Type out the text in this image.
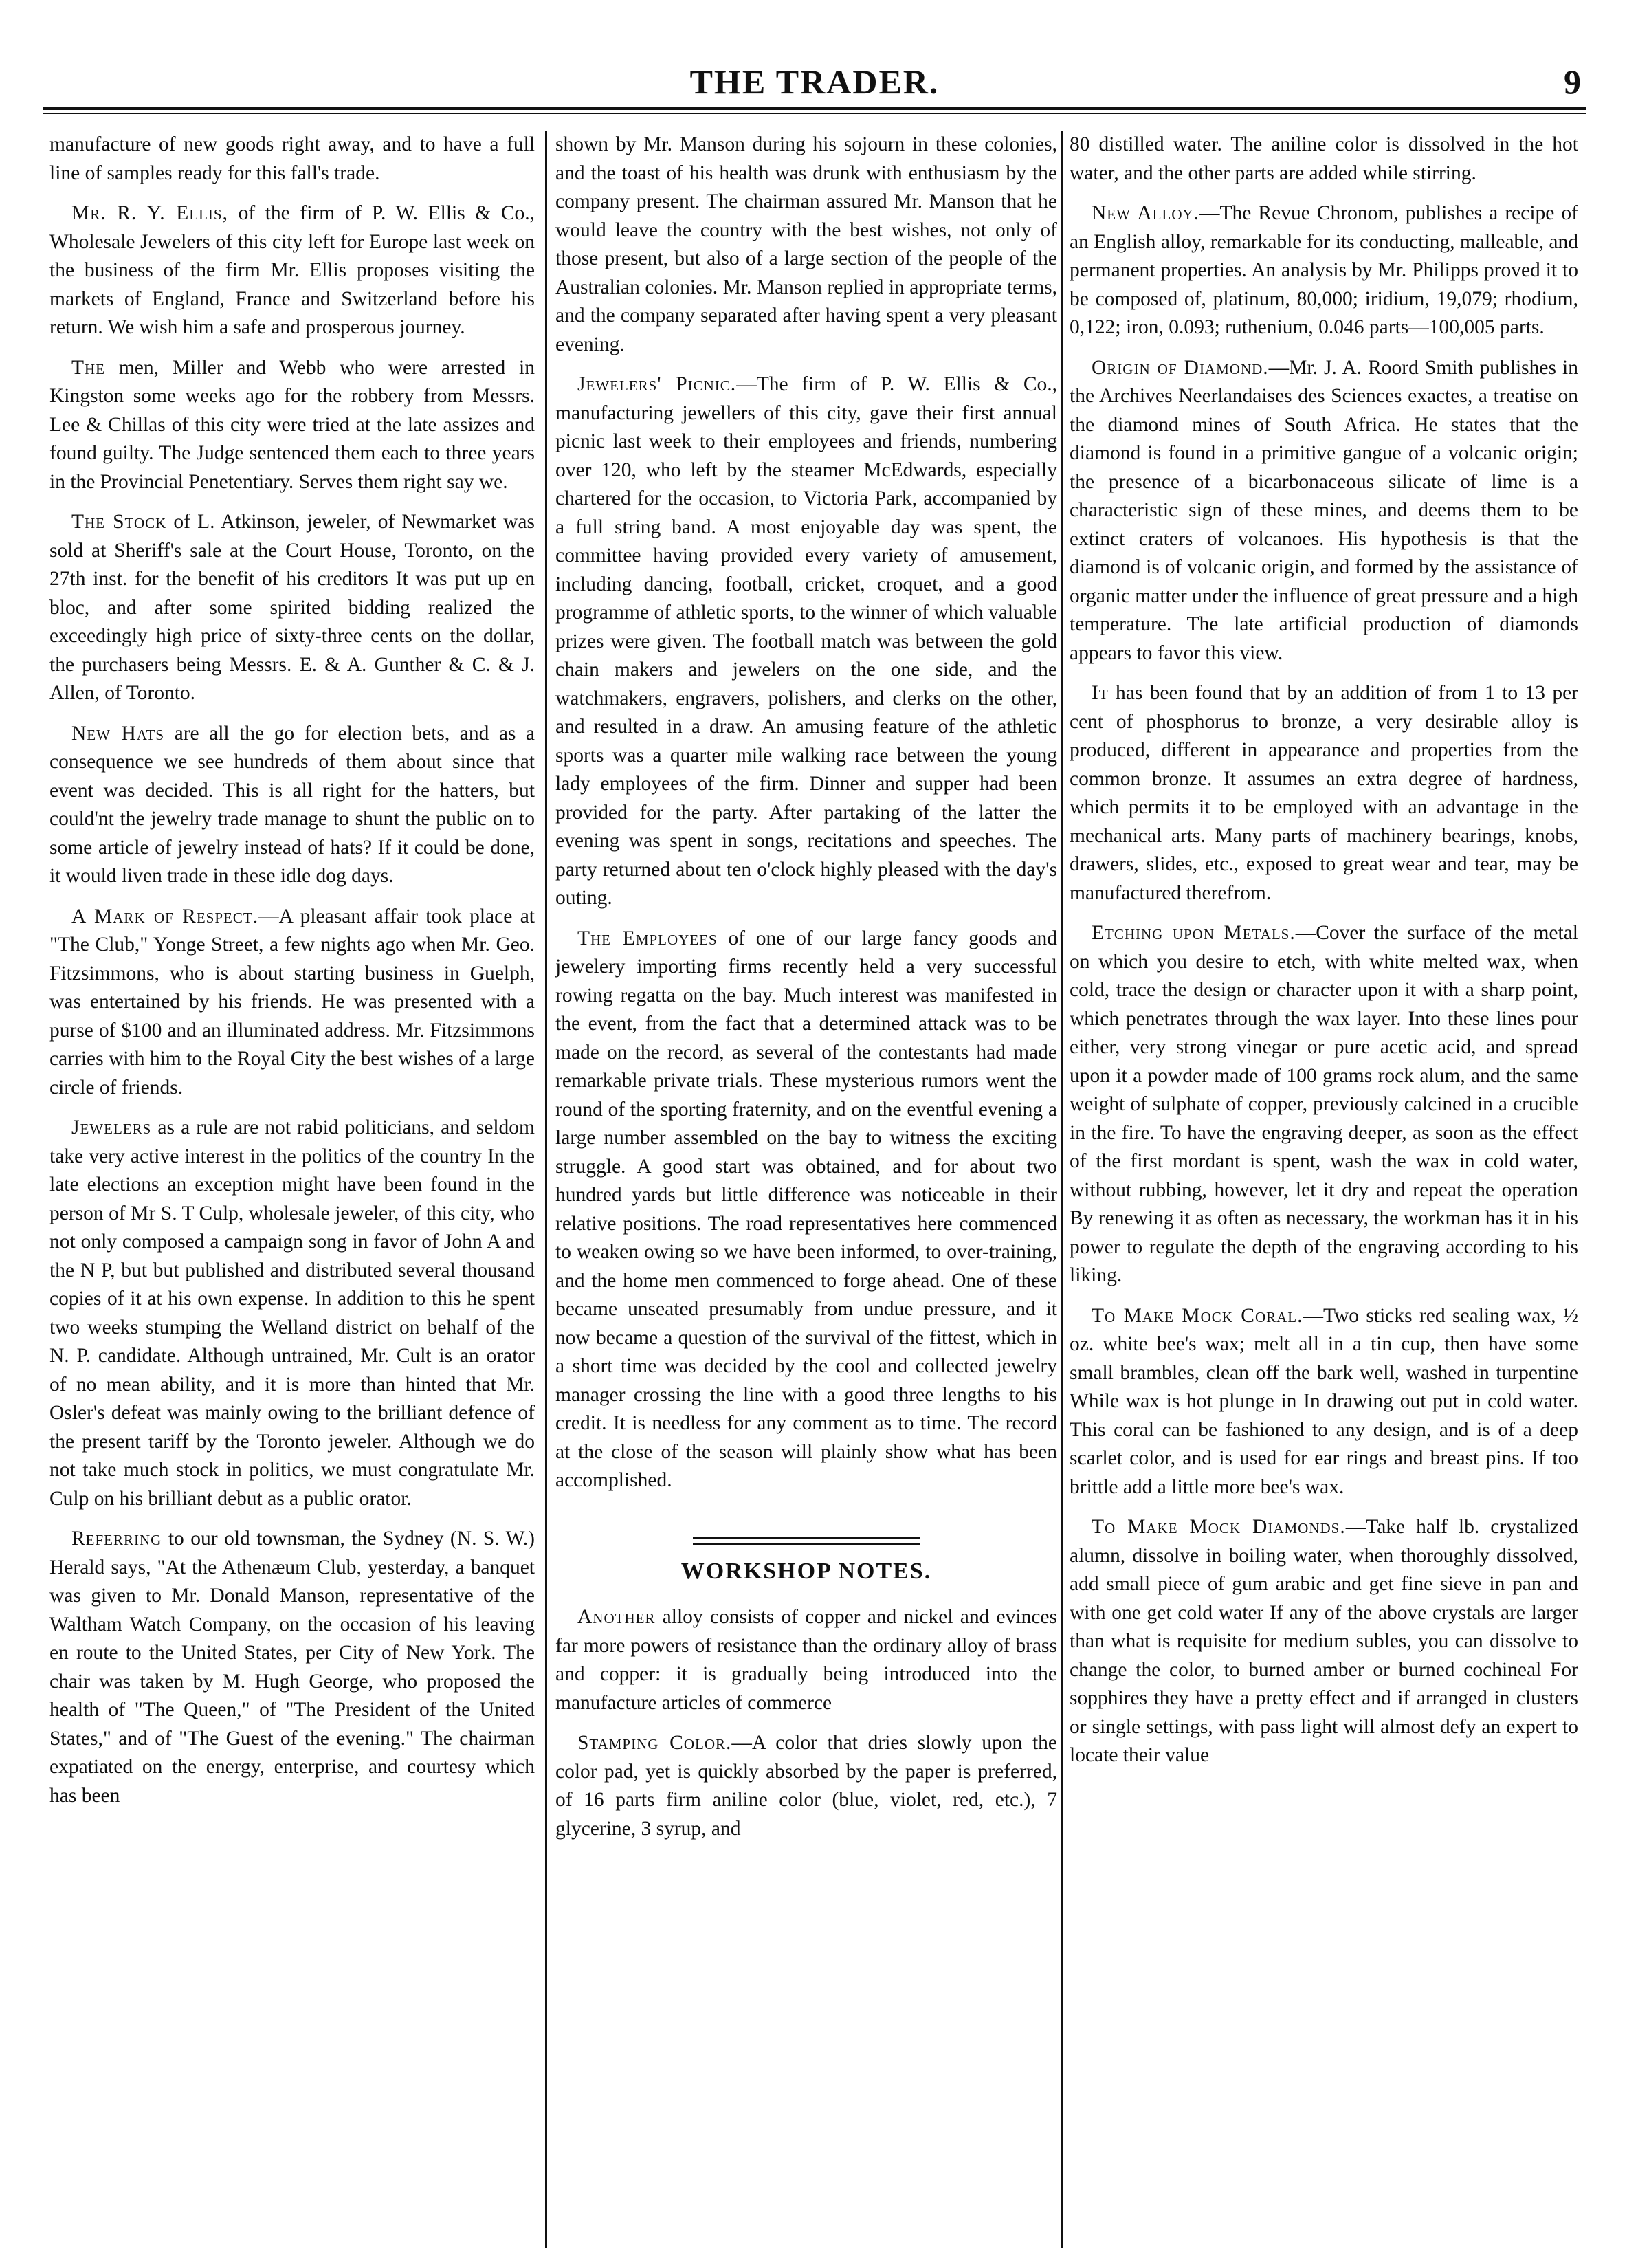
THE TRADER.	9

manufacture of new goods right away, and to have a full line of samples ready for this fall's trade.

Mr. R. Y. Ellis, of the firm of P. W. Ellis & Co., Wholesale Jewelers of this city left for Europe last week on the business of the firm Mr. Ellis proposes visiting the markets of England, France and Switzerland before his return. We wish him a safe and prosperous journey.

The men, Miller and Webb who were arrested in Kingston some weeks ago for the robbery from Messrs. Lee & Chillas of this city were tried at the late assizes and found guilty. The Judge sentenced them each to three years in the Provincial Penetentiary. Serves them right say we.

The Stock of L. Atkinson, jeweler, of Newmarket was sold at Sheriff's sale at the Court House, Toronto, on the 27th inst. for the benefit of his creditors It was put up en bloc, and after some spirited bidding realized the exceedingly high price of sixty-three cents on the dollar, the purchasers being Messrs. E. & A. Gunther & C. & J. Allen, of Toronto.

New Hats are all the go for election bets, and as a consequence we see hundreds of them about since that event was decided. This is all right for the hatters, but could'nt the jewelry trade manage to shunt the public on to some article of jewelry instead of hats? If it could be done, it would liven trade in these idle dog days.

A Mark of Respect.—A pleasant affair took place at "The Club," Yonge Street, a few nights ago when Mr. Geo. Fitzsimmons, who is about starting business in Guelph, was entertained by his friends. He was presented with a purse of $100 and an illuminated address. Mr. Fitzsimmons carries with him to the Royal City the best wishes of a large circle of friends.

Jewelers as a rule are not rabid politicians, and seldom take very active interest in the politics of the country In the late elections an exception might have been found in the person of Mr S. T Culp, wholesale jeweler, of this city, who not only composed a campaign song in favor of John A and the N P, but but published and distributed several thousand copies of it at his own expense. In addition to this he spent two weeks stumping the Welland district on behalf of the N. P. candidate. Although untrained, Mr. Cult is an orator of no mean ability, and it is more than hinted that Mr. Osler's defeat was mainly owing to the brilliant defence of the present tariff by the Toronto jeweler. Although we do not take much stock in politics, we must congratulate Mr. Culp on his brilliant debut as a public orator.

Referring to our old townsman, the Sydney (N. S. W.) Herald says, "At the Athenæum Club, yesterday, a banquet was given to Mr. Donald Manson, representative of the Waltham Watch Company, on the occasion of his leaving en route to the United States, per City of New York. The chair was taken by M. Hugh George, who proposed the health of "The Queen," of "The President of the United States," and of "The Guest of the evening." The chairman expatiated on the energy, enterprise, and courtesy which has been

shown by Mr. Manson during his sojourn in these colonies, and the toast of his health was drunk with enthusiasm by the company present. The chairman assured Mr. Manson that he would leave the country with the best wishes, not only of those present, but also of a large section of the people of the Australian colonies. Mr. Manson replied in appropriate terms, and the company separated after having spent a very pleasant evening.

Jewelers' Picnic.—The firm of P. W. Ellis & Co., manufacturing jewellers of this city, gave their first annual picnic last week to their employees and friends, numbering over 120, who left by the steamer McEdwards, especially chartered for the occasion, to Victoria Park, accompanied by a full string band. A most enjoyable day was spent, the committee having provided every variety of amusement, including dancing, football, cricket, croquet, and a good programme of athletic sports, to the winner of which valuable prizes were given. The football match was between the gold chain makers and jewelers on the one side, and the watchmakers, engravers, polishers, and clerks on the other, and resulted in a draw. An amusing feature of the athletic sports was a quarter mile walking race between the young lady employees of the firm. Dinner and supper had been provided for the party. After partaking of the latter the evening was spent in songs, recitations and speeches. The party returned about ten o'clock highly pleased with the day's outing.

The Employees of one of our large fancy goods and jewelery importing firms recently held a very successful rowing regatta on the bay. Much interest was manifested in the event, from the fact that a determined attack was to be made on the record, as several of the contestants had made remarkable private trials. These mysterious rumors went the round of the sporting fraternity, and on the eventful evening a large number assembled on the bay to witness the exciting struggle. A good start was obtained, and for about two hundred yards but little difference was noticeable in their relative positions. The road representatives here commenced to weaken owing so we have been informed, to over-training, and the home men commenced to forge ahead. One of these became unseated presumably from undue pressure, and it now became a question of the survival of the fittest, which in a short time was decided by the cool and collected jewelry manager crossing the line with a good three lengths to his credit. It is needless for any comment as to time. The record at the close of the season will plainly show what has been accomplished.

WORKSHOP NOTES.

Another alloy consists of copper and nickel and evinces far more powers of resistance than the ordinary alloy of brass and copper: it is gradually being introduced into the manufacture articles of commerce

Stamping Color.—A color that dries slowly upon the color pad, yet is quickly absorbed by the paper is preferred, of 16 parts firm aniline color (blue, violet, red, etc.), 7 glycerine, 3 syrup, and

80 distilled water. The aniline color is dissolved in the hot water, and the other parts are added while stirring.

New Alloy.—The Revue Chronom, publishes a recipe of an English alloy, remarkable for its conducting, malleable, and permanent properties. An analysis by Mr. Philipps proved it to be composed of, platinum, 80,000; iridium, 19,079; rhodium, 0,122; iron, 0.093; ruthenium, 0.046 parts—100,005 parts.

Origin of Diamond.—Mr. J. A. Roord Smith publishes in the Archives Neerlandaises des Sciences exactes, a treatise on the diamond mines of South Africa. He states that the diamond is found in a primitive gangue of a volcanic origin; the presence of a bicarbonaceous silicate of lime is a characteristic sign of these mines, and deems them to be extinct craters of volcanoes. His hypothesis is that the diamond is of volcanic origin, and formed by the assistance of organic matter under the influence of great pressure and a high temperature. The late artificial production of diamonds appears to favor this view.

It has been found that by an addition of from 1 to 13 per cent of phosphorus to bronze, a very desirable alloy is produced, different in appearance and properties from the common bronze. It assumes an extra degree of hardness, which permits it to be employed with an advantage in the mechanical arts. Many parts of machinery bearings, knobs, drawers, slides, etc., exposed to great wear and tear, may be manufactured therefrom.

Etching upon Metals.—Cover the surface of the metal on which you desire to etch, with white melted wax, when cold, trace the design or character upon it with a sharp point, which penetrates through the wax layer. Into these lines pour either, very strong vinegar or pure acetic acid, and spread upon it a powder made of 100 grams rock alum, and the same weight of sulphate of copper, previously calcined in a crucible in the fire. To have the engraving deeper, as soon as the effect of the first mordant is spent, wash the wax in cold water, without rubbing, however, let it dry and repeat the operation By renewing it as often as necessary, the workman has it in his power to regulate the depth of the engraving according to his liking.

To Make Mock Coral.—Two sticks red sealing wax, ½ oz. white bee's wax; melt all in a tin cup, then have some small brambles, clean off the bark well, washed in turpentine While wax is hot plunge in In drawing out put in cold water. This coral can be fashioned to any design, and is of a deep scarlet color, and is used for ear rings and breast pins. If too brittle add a little more bee's wax.

To Make Mock Diamonds.—Take half lb. crystalized alumn, dissolve in boiling water, when thoroughly dissolved, add small piece of gum arabic and get fine sieve in pan and with one get cold water If any of the above crystals are larger than what is requisite for medium subles, you can dissolve to change the color, to burned amber or burned cochineal For sopphires they have a pretty effect and if arranged in clusters or single settings, with pass light will almost defy an expert to locate their value
